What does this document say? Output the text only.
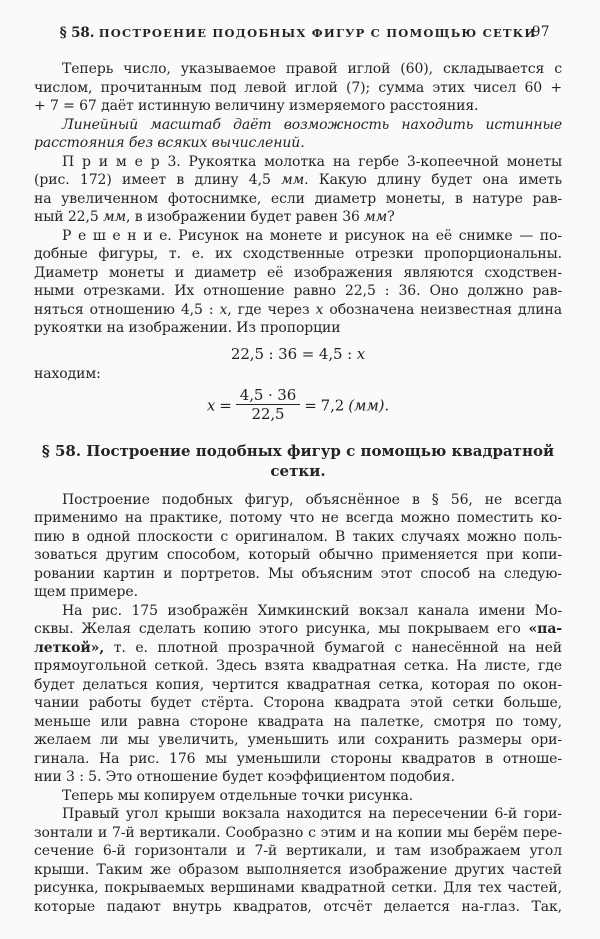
§ 58. ПОСТРОЕНИЕ ПОДОБНЫХ ФИГУР С ПОМОЩЬЮ СЕТКИ
97
Теперь число, указываемое правой иглой (60), складывается с
числом, прочитанным под левой иглой (7); сумма этих чисел 60 +
+ 7 = 67 даёт истинную величину измеряемого расстояния.
Линейный масштаб даёт возможность находить истинные
расстояния без всяких вычислений.
П р и м е р 3. Рукоятка молотка на гербе 3-копеечной монеты
(рис. 172) имеет в длину 4,5 мм. Какую длину будет она иметь
на увеличенном фотоснимке, если диаметр монеты, в натуре рав-
ный 22,5 мм, в изображении будет равен 36 мм?
Р е ш е н и е. Рисунок на монете и рисунок на её снимке — по-
добные фигуры, т. е. их сходственные отрезки пропорциональны.
Диаметр монеты и диаметр её изображения являются сходствен-
ными отрезками. Их отношение равно 22,5 : 36. Оно должно рав-
няться отношению 4,5 : x, где через x обозначена неизвестная длина
рукоятки на изображении. Из пропорции
22,5 : 36 = 4,5 : x
находим:
$x = \frac{4,5 \cdot 36}{22,5} = 7,2$ (мм).
§ 58. Построение подобных фигур с помощью квадратной
сетки.
Построение подобных фигур, объяснённое в § 56, не всегда
применимо на практике, потому что не всегда можно поместить ко-
пию в одной плоскости с оригиналом. В таких случаях можно поль-
зоваться другим способом, который обычно применяется при копи-
ровании картин и портретов. Мы объясним этот способ на следую-
щем примере.
На рис. 175 изображён Химкинский вокзал канала имени Мо-
сквы. Желая сделать копию этого рисунка, мы покрываем его «па-
леткой», т. е. плотной прозрачной бумагой с нанесённой на ней
прямоугольной сеткой. Здесь взята квадратная сетка. На листе, где
будет делаться копия, чертится квадратная сетка, которая по окон-
чании работы будет стёрта. Сторона квадрата этой сетки больше,
меньше или равна стороне квадрата на палетке, смотря по тому,
желаем ли мы увеличить, уменьшить или сохранить размеры ори-
гинала. На рис. 176 мы уменьшили стороны квадратов в отноше-
нии 3 : 5. Это отношение будет коэффициентом подобия.
Теперь мы копируем отдельные точки рисунка.
Правый угол крыши вокзала находится на пересечении 6-й гори-
зонтали и 7-й вертикали. Сообразно с этим и на копии мы берём пере-
сечение 6-й горизонтали и 7-й вертикали, и там изображаем угол
крыши. Таким же образом выполняется изображение других частей
рисунка, покрываемых вершинами квадратной сетки. Для тех частей,
которые падают внутрь квадратов, отсчёт делается на-глаз. Так,
